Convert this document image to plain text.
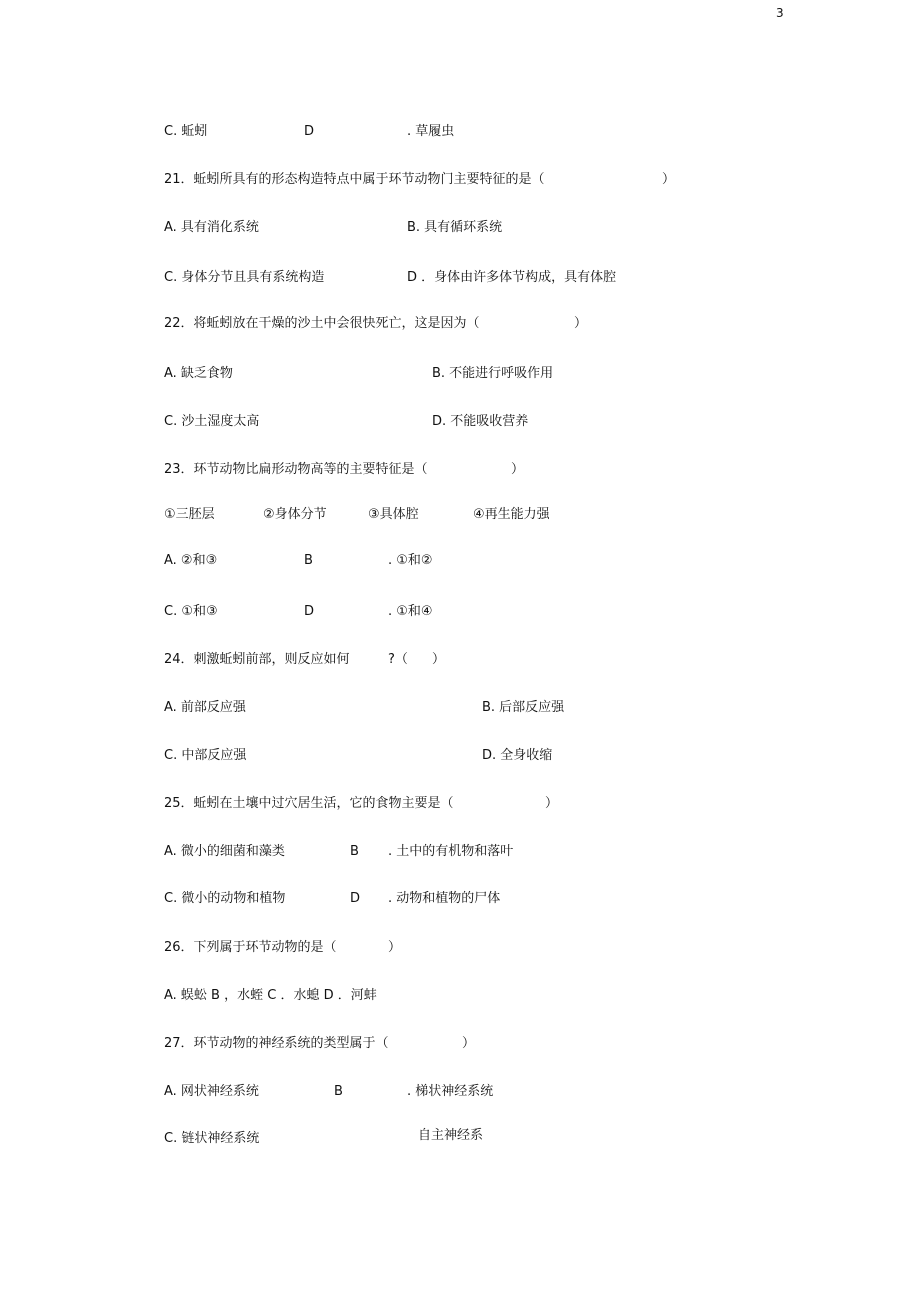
3
C. 蚯蚓	D	. 草履虫
21．蚯蚓所具有的形态构造特点中属于环节动物门主要特征的是（	）
A. 具有消化系统	B. 具有循环系统
C. 身体分节且具有系统构造	D ．身体由许多体节构成，具有体腔
22．将蚯蚓放在干燥的沙土中会很快死亡，这是因为（	）
A. 缺乏食物	B. 不能进行呼吸作用
C. 沙土湿度太高	D. 不能吸收营养
23．环节动物比扁形动物高等的主要特征是（	）
①三胚层	②身体分节	③具体腔	④再生能力强
A. ②和③	B	. ①和②
C. ①和③	D	. ①和④
24．刺激蚯蚓前部，则反应如何	?（ ）
A. 前部反应强	B. 后部反应强
C. 中部反应强	D. 全身收缩
25．蚯蚓在土壤中过穴居生活，它的食物主要是（	）
A. 微小的细菌和藻类	B . 土中的有机物和落叶
C. 微小的动物和植物	D . 动物和植物的尸体
26．下列属于环节动物的是（	）
A. 蜈蚣 B ，水蛭 C ．水螅 D ．河蚌
27．环节动物的神经系统的类型属于（	）
A. 网状神经系统	B	. 梯状神经系统
C. 链状神经系统	自主神经系
